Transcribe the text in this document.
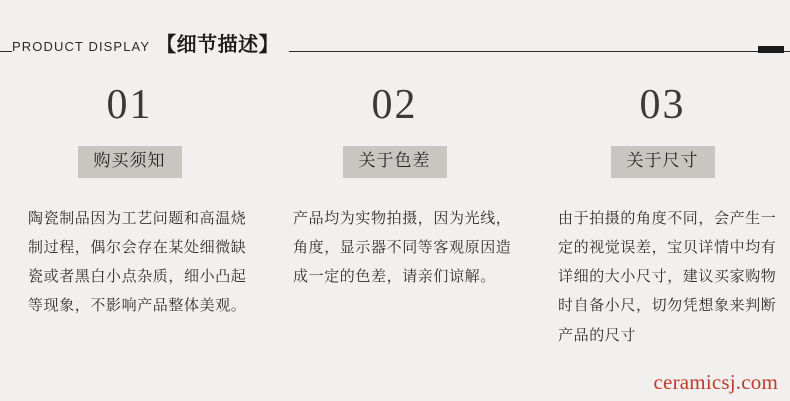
PRODUCT DISPLAY 【细节描述】
01
购买须知
陶瓷制品因为工艺问题和高温烧制过程，偶尔会存在某处细微缺瓷或者黑白小点杂质，细小凸起等现象，不影响产品整体美观。
02
关于色差
产品均为实物拍摄，因为光线，角度，显示器不同等客观原因造成一定的色差，请亲们谅解。
03
关于尺寸
由于拍摄的角度不同，会产生一定的视觉误差，宝贝详情中均有详细的大小尺寸，建议买家购物时自备小尺，切勿凭想象来判断产品的尺寸
ceramicsj.com
